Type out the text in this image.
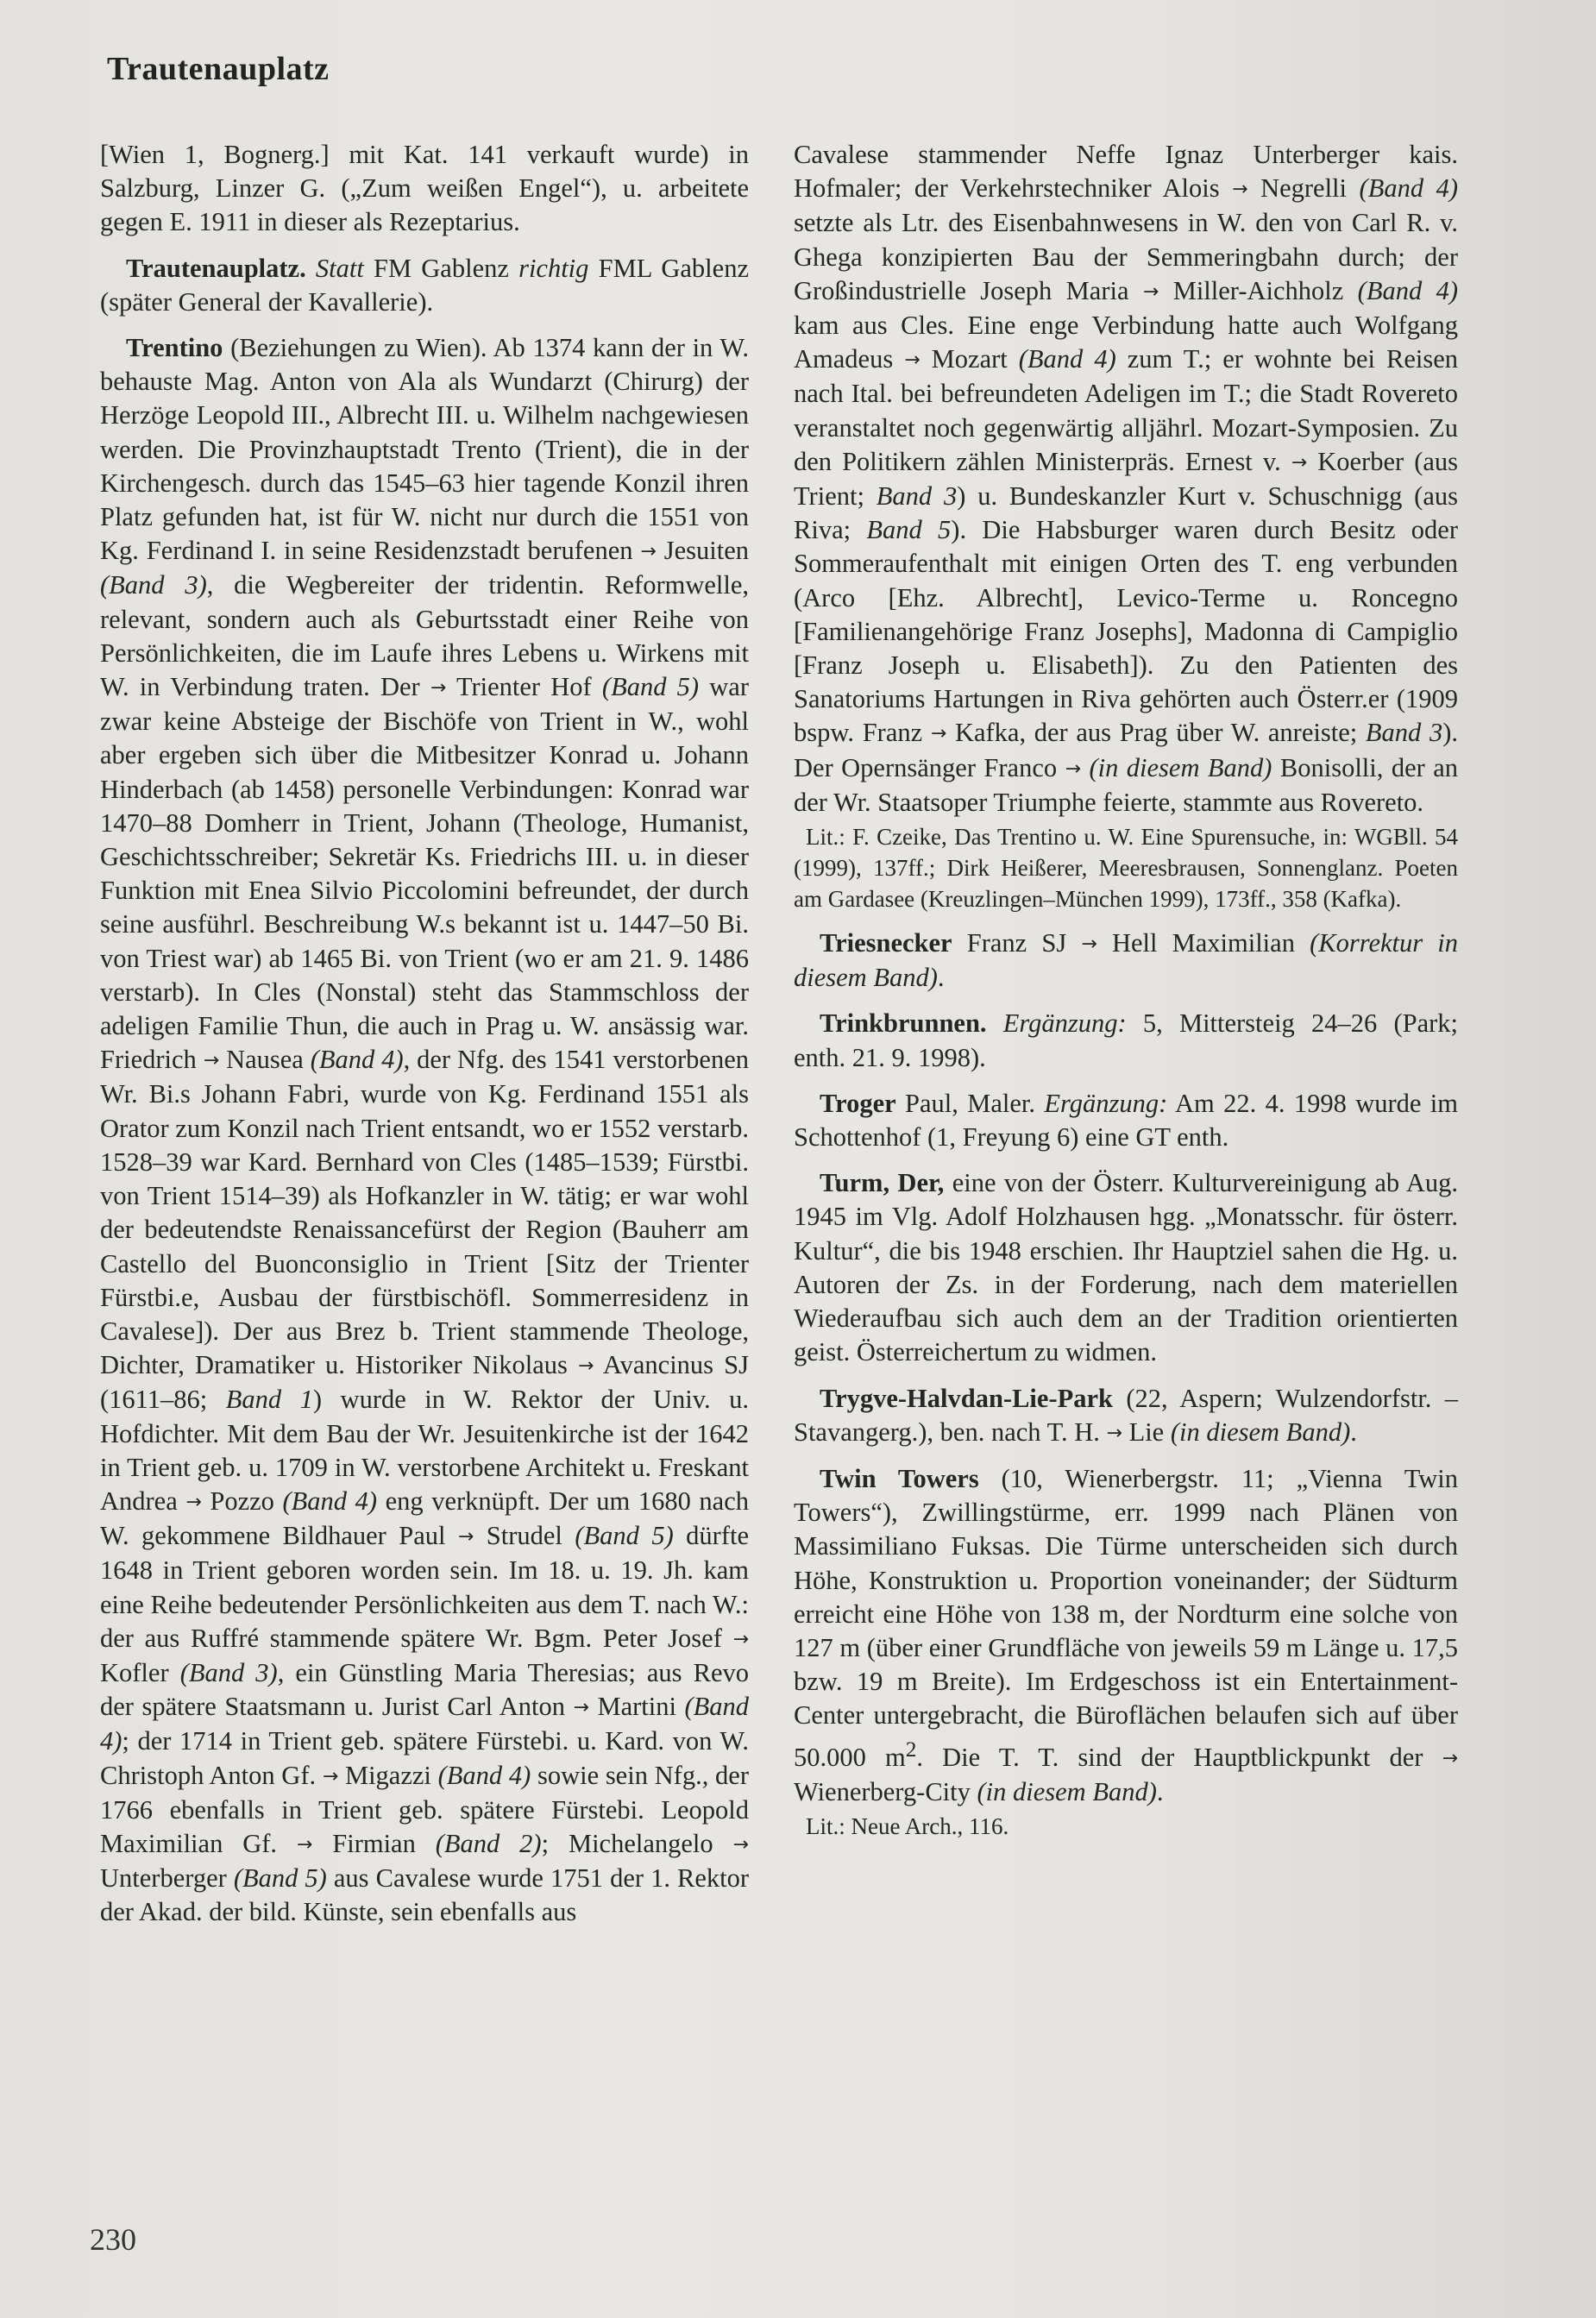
Trautenauplatz

[Wien 1, Bognerg.] mit Kat. 141 verkauft wurde) in Salzburg, Linzer G. („Zum weißen Engel“), u. arbeitete gegen E. 1911 in dieser als Rezeptarius.

Trautenauplatz. Statt FM Gablenz richtig FML Gablenz (später General der Kavallerie).

Trentino (Beziehungen zu Wien). Ab 1374 kann der in W. behauste Mag. Anton von Ala als Wundarzt (Chirurg) der Herzöge Leopold III., Albrecht III. u. Wilhelm nachgewiesen werden. Die Provinzhauptstadt Trento (Trient), die in der Kirchengesch. durch das 1545–63 hier tagende Konzil ihren Platz gefunden hat, ist für W. nicht nur durch die 1551 von Kg. Ferdinand I. in seine Residenzstadt berufenen → Jesuiten (Band 3), die Wegbereiter der tridentin. Reformwelle, relevant, sondern auch als Geburtsstadt einer Reihe von Persönlichkeiten, die im Laufe ihres Lebens u. Wirkens mit W. in Verbindung traten. Der → Trienter Hof (Band 5) war zwar keine Absteige der Bischöfe von Trient in W., wohl aber ergeben sich über die Mitbesitzer Konrad u. Johann Hinderbach (ab 1458) personelle Verbindungen: Konrad war 1470–88 Domherr in Trient, Johann (Theologe, Humanist, Geschichtsschreiber; Sekretär Ks. Friedrichs III. u. in dieser Funktion mit Enea Silvio Piccolomini befreundet, der durch seine ausführl. Beschreibung W.s bekannt ist u. 1447–50 Bi. von Triest war) ab 1465 Bi. von Trient (wo er am 21. 9. 1486 verstarb). In Cles (Nonstal) steht das Stammschloss der adeligen Familie Thun, die auch in Prag u. W. ansässig war. Friedrich → Nausea (Band 4), der Nfg. des 1541 verstorbenen Wr. Bi.s Johann Fabri, wurde von Kg. Ferdinand 1551 als Orator zum Konzil nach Trient entsandt, wo er 1552 verstarb. 1528–39 war Kard. Bernhard von Cles (1485–1539; Fürstbi. von Trient 1514–39) als Hofkanzler in W. tätig; er war wohl der bedeutendste Renaissancefürst der Region (Bauherr am Castello del Buonconsiglio in Trient [Sitz der Trienter Fürstbi.e, Ausbau der fürstbischöfl. Sommerresidenz in Cavalese]). Der aus Brez b. Trient stammende Theologe, Dichter, Dramatiker u. Historiker Nikolaus → Avancinus SJ (1611–86; Band 1) wurde in W. Rektor der Univ. u. Hofdichter. Mit dem Bau der Wr. Jesuitenkirche ist der 1642 in Trient geb. u. 1709 in W. verstorbene Architekt u. Freskant Andrea → Pozzo (Band 4) eng verknüpft. Der um 1680 nach W. gekommene Bildhauer Paul → Strudel (Band 5) dürfte 1648 in Trient geboren worden sein. Im 18. u. 19. Jh. kam eine Reihe bedeutender Persönlichkeiten aus dem T. nach W.: der aus Ruffré stammende spätere Wr. Bgm. Peter Josef → Kofler (Band 3), ein Günstling Maria Theresias; aus Revo der spätere Staatsmann u. Jurist Carl Anton → Martini (Band 4); der 1714 in Trient geb. spätere Fürstebi. u. Kard. von W. Christoph Anton Gf. → Migazzi (Band 4) sowie sein Nfg., der 1766 ebenfalls in Trient geb. spätere Fürstebi. Leopold Maximilian Gf. → Firmian (Band 2); Michelangelo → Unterberger (Band 5) aus Cavalese wurde 1751 der 1. Rektor der Akad. der bild. Künste, sein ebenfalls aus

Cavalese stammender Neffe Ignaz Unterberger kais. Hofmaler; der Verkehrstechniker Alois → Negrelli (Band 4) setzte als Ltr. des Eisenbahnwesens in W. den von Carl R. v. Ghega konzipierten Bau der Semmeringbahn durch; der Großindustrielle Joseph Maria → Miller-Aichholz (Band 4) kam aus Cles. Eine enge Verbindung hatte auch Wolfgang Amadeus → Mozart (Band 4) zum T.; er wohnte bei Reisen nach Ital. bei befreundeten Adeligen im T.; die Stadt Rovereto veranstaltet noch gegenwärtig alljährl. Mozart-Symposien. Zu den Politikern zählen Ministerpräs. Ernest v. → Koerber (aus Trient; Band 3) u. Bundeskanzler Kurt v. Schuschnigg (aus Riva; Band 5). Die Habsburger waren durch Besitz oder Sommeraufenthalt mit einigen Orten des T. eng verbunden (Arco [Ehz. Albrecht], Levico-Terme u. Roncegno [Familienangehörige Franz Josephs], Madonna di Campiglio [Franz Joseph u. Elisabeth]). Zu den Patienten des Sanatoriums Hartungen in Riva gehörten auch Österr.er (1909 bspw. Franz → Kafka, der aus Prag über W. anreiste; Band 3). Der Opernsänger Franco → (in diesem Band) Bonisolli, der an der Wr. Staatsoper Triumphe feierte, stammte aus Rovereto.

Lit.: F. Czeike, Das Trentino u. W. Eine Spurensuche, in: WGBll. 54 (1999), 137ff.; Dirk Heißerer, Meeresbrausen, Sonnenglanz. Poeten am Gardasee (Kreuzlingen–München 1999), 173ff., 358 (Kafka).

Triesnecker Franz SJ → Hell Maximilian (Korrektur in diesem Band).

Trinkbrunnen. Ergänzung: 5, Mittersteig 24–26 (Park; enth. 21. 9. 1998).

Troger Paul, Maler. Ergänzung: Am 22. 4. 1998 wurde im Schottenhof (1, Freyung 6) eine GT enth.

Turm, Der, eine von der Österr. Kulturvereinigung ab Aug. 1945 im Vlg. Adolf Holzhausen hgg. „Monatsschr. für österr. Kultur“, die bis 1948 erschien. Ihr Hauptziel sahen die Hg. u. Autoren der Zs. in der Forderung, nach dem materiellen Wiederaufbau sich auch dem an der Tradition orientierten geist. Österreichertum zu widmen.

Trygve-Halvdan-Lie-Park (22, Aspern; Wulzendorfstr. – Stavangerg.), ben. nach T. H. → Lie (in diesem Band).

Twin Towers (10, Wienerbergstr. 11; „Vienna Twin Towers“), Zwillingstürme, err. 1999 nach Plänen von Massimiliano Fuksas. Die Türme unterscheiden sich durch Höhe, Konstruktion u. Proportion voneinander; der Südturm erreicht eine Höhe von 138 m, der Nordturm eine solche von 127 m (über einer Grundfläche von jeweils 59 m Länge u. 17,5 bzw. 19 m Breite). Im Erdgeschoss ist ein Entertainment-Center untergebracht, die Büroflächen belaufen sich auf über 50.000 $m^2$. Die T. T. sind der Hauptblickpunkt der → Wienerberg-City (in diesem Band).

Lit.: Neue Arch., 116.

230
